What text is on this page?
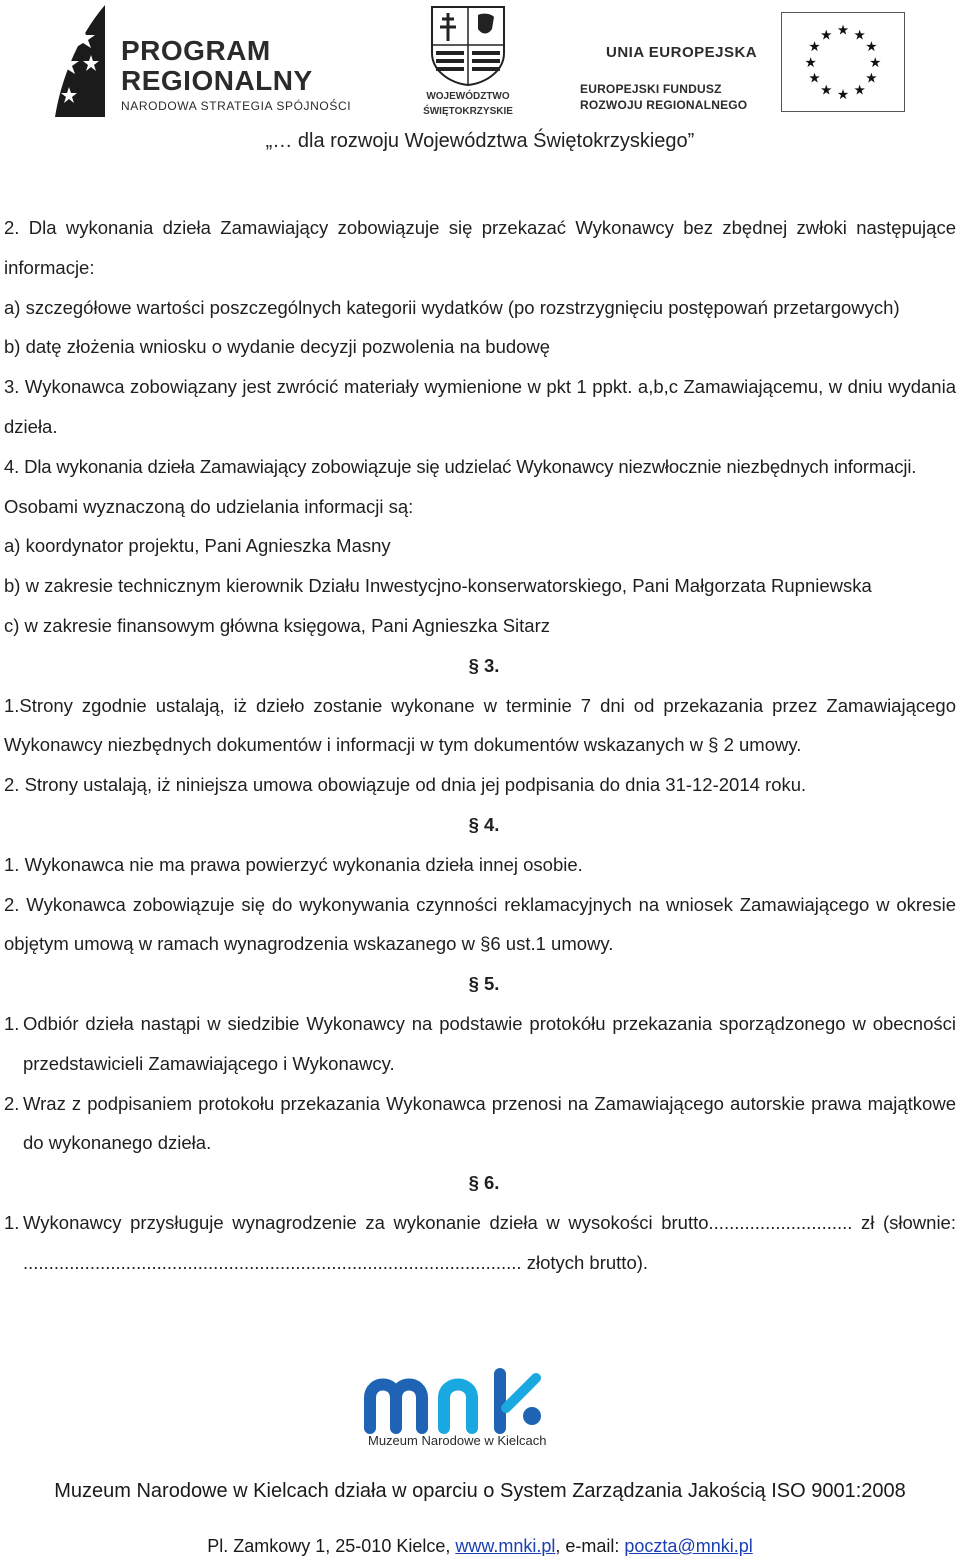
PROGRAM
REGIONALNY
NARODOWA STRATEGIA SPÓJNOŚCI
WOJEWÓDZTWO
ŚWIĘTOKRZYSKIE
UNIA EUROPEJSKA
EUROPEJSKI FUNDUSZ
ROZWOJU REGIONALNEGO
★ ★
★
★
★
★
★
★
★
★
★
★
„… dla rozwoju Województwa Świętokrzyskiego”

2. Dla wykonania dzieła Zamawiający zobowiązuje się przekazać Wykonawcy bez zbędnej zwłoki następujące informacje:

a) szczegółowe wartości poszczególnych kategorii wydatków (po rozstrzygnięciu postępowań przetargowych)

b) datę złożenia wniosku o wydanie decyzji pozwolenia na budowę

3. Wykonawca zobowiązany jest zwrócić materiały wymienione w pkt 1 ppkt. a,b,c Zamawiającemu, w dniu wydania dzieła.

4. Dla wykonania dzieła Zamawiający zobowiązuje się udzielać Wykonawcy niezwłocznie niezbędnych informacji.

Osobami wyznaczoną do udzielania informacji są:

a) koordynator projektu, Pani Agnieszka Masny

b) w zakresie technicznym kierownik Działu Inwestycjno-konserwatorskiego, Pani Małgorzata Rupniewska

c) w zakresie finansowym główna księgowa, Pani Agnieszka Sitarz

§ 3.

1.Strony zgodnie ustalają, iż dzieło zostanie wykonane w terminie 7 dni od przekazania przez Zamawiającego Wykonawcy niezbędnych dokumentów i informacji w tym dokumentów wskazanych w § 2 umowy.

2. Strony ustalają, iż niniejsza umowa obowiązuje od dnia jej podpisania do dnia 31-12-2014 roku.

§ 4.

1. Wykonawca nie ma prawa powierzyć wykonania dzieła innej osobie.

2. Wykonawca zobowiązuje się do wykonywania czynności reklamacyjnych na wniosek Zamawiającego w okresie objętym umową w ramach wynagrodzenia wskazanego w §6 ust.1 umowy.

§ 5.

1. Odbiór dzieła nastąpi w siedzibie Wykonawcy na podstawie protokółu przekazania sporządzonego w obecności przedstawicieli Zamawiającego i Wykonawcy.
2. Wraz z podpisaniem protokołu przekazania Wykonawca przenosi na Zamawiającego autorskie prawa majątkowe do wykonanego dzieła.

§ 6.

1. Wykonawcy przysługuje wynagrodzenie za wykonanie dzieła w wysokości brutto............................ zł (słownie: ................................................................................................. złotych brutto).
Muzeum Narodowe w Kielcach
Muzeum Narodowe w Kielcach działa w oparciu o System Zarządzania Jakością ISO 9001:2008
Pl. Zamkowy 1, 25-010 Kielce, www.mnki.pl, e-mail: poczta@mnki.pl
